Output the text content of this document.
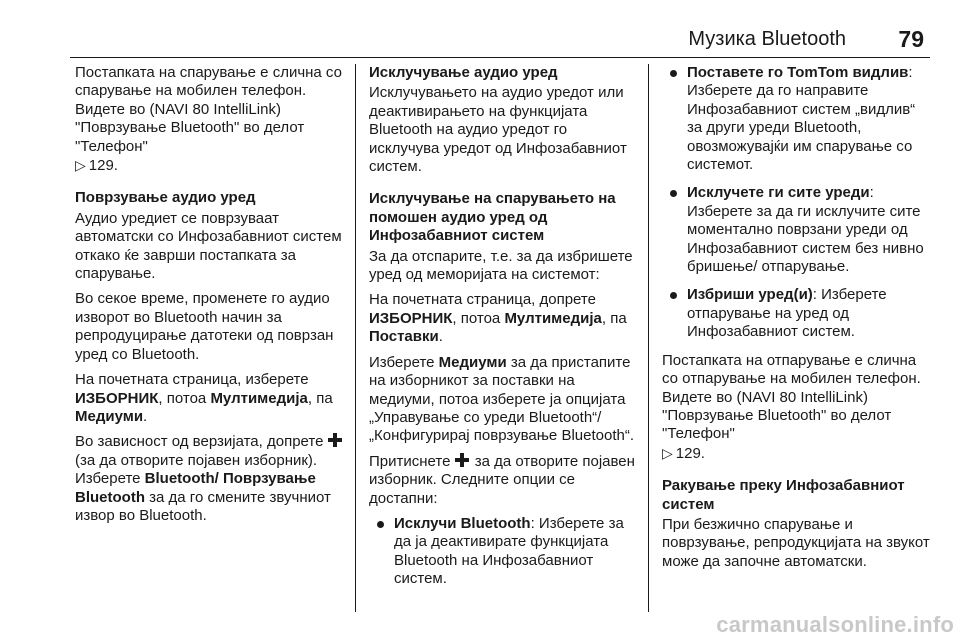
Музика Bluetooth 79

Постапката на спарување е слична со спарување на мобилен телефон. Видете во (NAVI 80 IntelliLink) "Поврзување Bluetooth" во делот "Телефон"
▷ 129.

Поврзување аудио уред

Аудио уредиет се поврзуваат автоматски со Инфозабавниот систем откако ќе заврши постапката за спарување.

Во секое време, променете го аудио изворот во Bluetooth начин за репродуцирање датотеки од поврзан уред со Bluetooth.

На почетната страница, изберете ИЗБОРНИК, потоа Мултимедија, па Медиуми.

Во зависност од верзијата, допрете  (за да отворите појавен изборник). Изберете Bluetooth/ Поврзување Bluetooth за да го смените звучниот извор во Bluetooth.

Исклучување аудио уред

Исклучувањето на аудио уредот или деактивирањето на функцијата Bluetooth на аудио уредот го исклучува уредот од Инфозабавниот систем.

Исклучување на спарувањето на помошен аудио уред од Инфозабавниот систем

За да отспарите, т.е. за да избришете уред од меморијата на системот:

На почетната страница, допрете ИЗБОРНИК, потоа Мултимедија, па Поставки.

Изберете Медиуми за да пристапите на изборникот за поставки на медиуми, потоа изберете ја опцијата „Управување со уреди Bluetooth“/„Конфигурирај поврзување Bluetooth“.

Притиснете  за да отворите појавен изборник. Следните опции се достапни:

Исклучи Bluetooth: Изберете за да ја деактивирате функцијата Bluetooth на Инфозабавниот систем.
Поставете го TomTom видлив: Изберете да го направите Инфозабавниот систем „видлив“ за други уреди Bluetooth, овозможувајќи им спарување со системот.
Исклучете ги сите уреди: Изберете за да ги исклучите сите моментално поврзани уреди од Инфозабавниот систем без нивно бришење/ отпарување.
Избриши уред(и): Изберете отпарување на уред од Инфозабавниот систем.

Постапката на отпарување е слична со отпарување на мобилен телефон. Видете во (NAVI 80 IntelliLink) "Поврзување Bluetooth" во делот "Телефон"
▷ 129.

Ракување преку Инфозабавниот систем

При безжично спарување и поврзување, репродукцијата на звукот може да започне автоматски.

carmanualsonline.info
